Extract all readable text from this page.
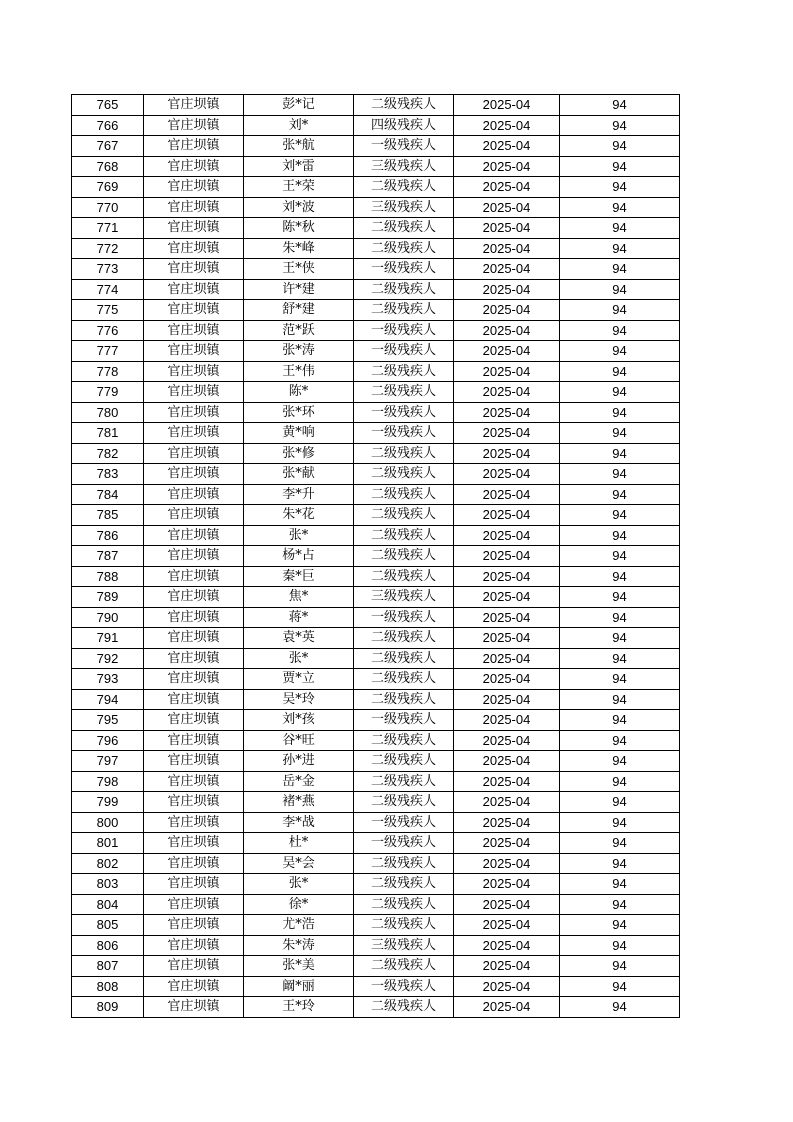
765	官庄坝镇	彭*记	二级残疾人	2025-04	94
766	官庄坝镇	刘*	四级残疾人	2025-04	94
767	官庄坝镇	张*航	一级残疾人	2025-04	94
768	官庄坝镇	刘*雷	三级残疾人	2025-04	94
769	官庄坝镇	王*荣	二级残疾人	2025-04	94
770	官庄坝镇	刘*波	三级残疾人	2025-04	94
771	官庄坝镇	陈*秋	二级残疾人	2025-04	94
772	官庄坝镇	朱*峰	二级残疾人	2025-04	94
773	官庄坝镇	王*侠	一级残疾人	2025-04	94
774	官庄坝镇	许*建	二级残疾人	2025-04	94
775	官庄坝镇	舒*建	二级残疾人	2025-04	94
776	官庄坝镇	范*跃	一级残疾人	2025-04	94
777	官庄坝镇	张*涛	一级残疾人	2025-04	94
778	官庄坝镇	王*伟	二级残疾人	2025-04	94
779	官庄坝镇	陈*	二级残疾人	2025-04	94
780	官庄坝镇	张*环	一级残疾人	2025-04	94
781	官庄坝镇	黄*响	一级残疾人	2025-04	94
782	官庄坝镇	张*修	二级残疾人	2025-04	94
783	官庄坝镇	张*献	二级残疾人	2025-04	94
784	官庄坝镇	李*升	二级残疾人	2025-04	94
785	官庄坝镇	朱*花	二级残疾人	2025-04	94
786	官庄坝镇	张*	二级残疾人	2025-04	94
787	官庄坝镇	杨*占	二级残疾人	2025-04	94
788	官庄坝镇	秦*巨	二级残疾人	2025-04	94
789	官庄坝镇	焦*	三级残疾人	2025-04	94
790	官庄坝镇	蒋*	一级残疾人	2025-04	94
791	官庄坝镇	袁*英	二级残疾人	2025-04	94
792	官庄坝镇	张*	二级残疾人	2025-04	94
793	官庄坝镇	贾*立	二级残疾人	2025-04	94
794	官庄坝镇	吴*玲	二级残疾人	2025-04	94
795	官庄坝镇	刘*孩	一级残疾人	2025-04	94
796	官庄坝镇	谷*旺	二级残疾人	2025-04	94
797	官庄坝镇	孙*进	二级残疾人	2025-04	94
798	官庄坝镇	岳*金	二级残疾人	2025-04	94
799	官庄坝镇	褚*燕	二级残疾人	2025-04	94
800	官庄坝镇	李*战	一级残疾人	2025-04	94
801	官庄坝镇	杜*	一级残疾人	2025-04	94
802	官庄坝镇	吴*会	二级残疾人	2025-04	94
803	官庄坝镇	张*	二级残疾人	2025-04	94
804	官庄坝镇	徐*	二级残疾人	2025-04	94
805	官庄坝镇	尤*浩	二级残疾人	2025-04	94
806	官庄坝镇	朱*涛	三级残疾人	2025-04	94
807	官庄坝镇	张*美	二级残疾人	2025-04	94
808	官庄坝镇	阚*丽	一级残疾人	2025-04	94
809	官庄坝镇	王*玲	二级残疾人	2025-04	94
